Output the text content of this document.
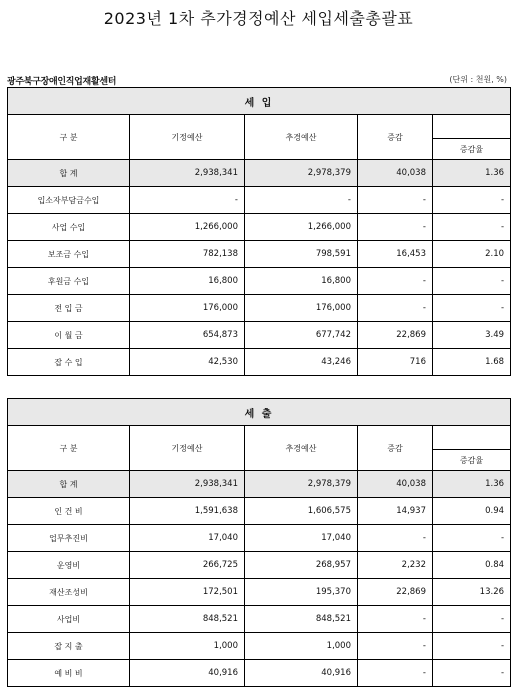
2023년 1차 추가경정예산 세입세출총괄표
광주북구장애인직업재활센터	(단위 : 천원, %)
세 입				
구 분	기정예산	추경예산	증감	증감율

합 계	2,938,341	2,978,379	40,038	1.36
입소자부담금수입	-	-	-	-
사업 수입	1,266,000	1,266,000	-	-
보조금 수입	782,138	798,591	16,453	2.10
후원금 수입	16,800	16,800	-	-
전 입 금	176,000	176,000	-	-
이 월 금	654,873	677,742	22,869	3.49
잡 수 입	42,530	43,246	716	1.68
세 출				
구 분	기정예산	추경예산	증감	증감율

합 계	2,938,341	2,978,379	40,038	1.36
인 건 비	1,591,638	1,606,575	14,937	0.94
업무추진비	17,040	17,040	-	-
운영비	266,725	268,957	2,232	0.84
재산조성비	172,501	195,370	22,869	13.26
사업비	848,521	848,521	-	-
잡 지 출	1,000	1,000	-	-
예 비 비	40,916	40,916	-	-
